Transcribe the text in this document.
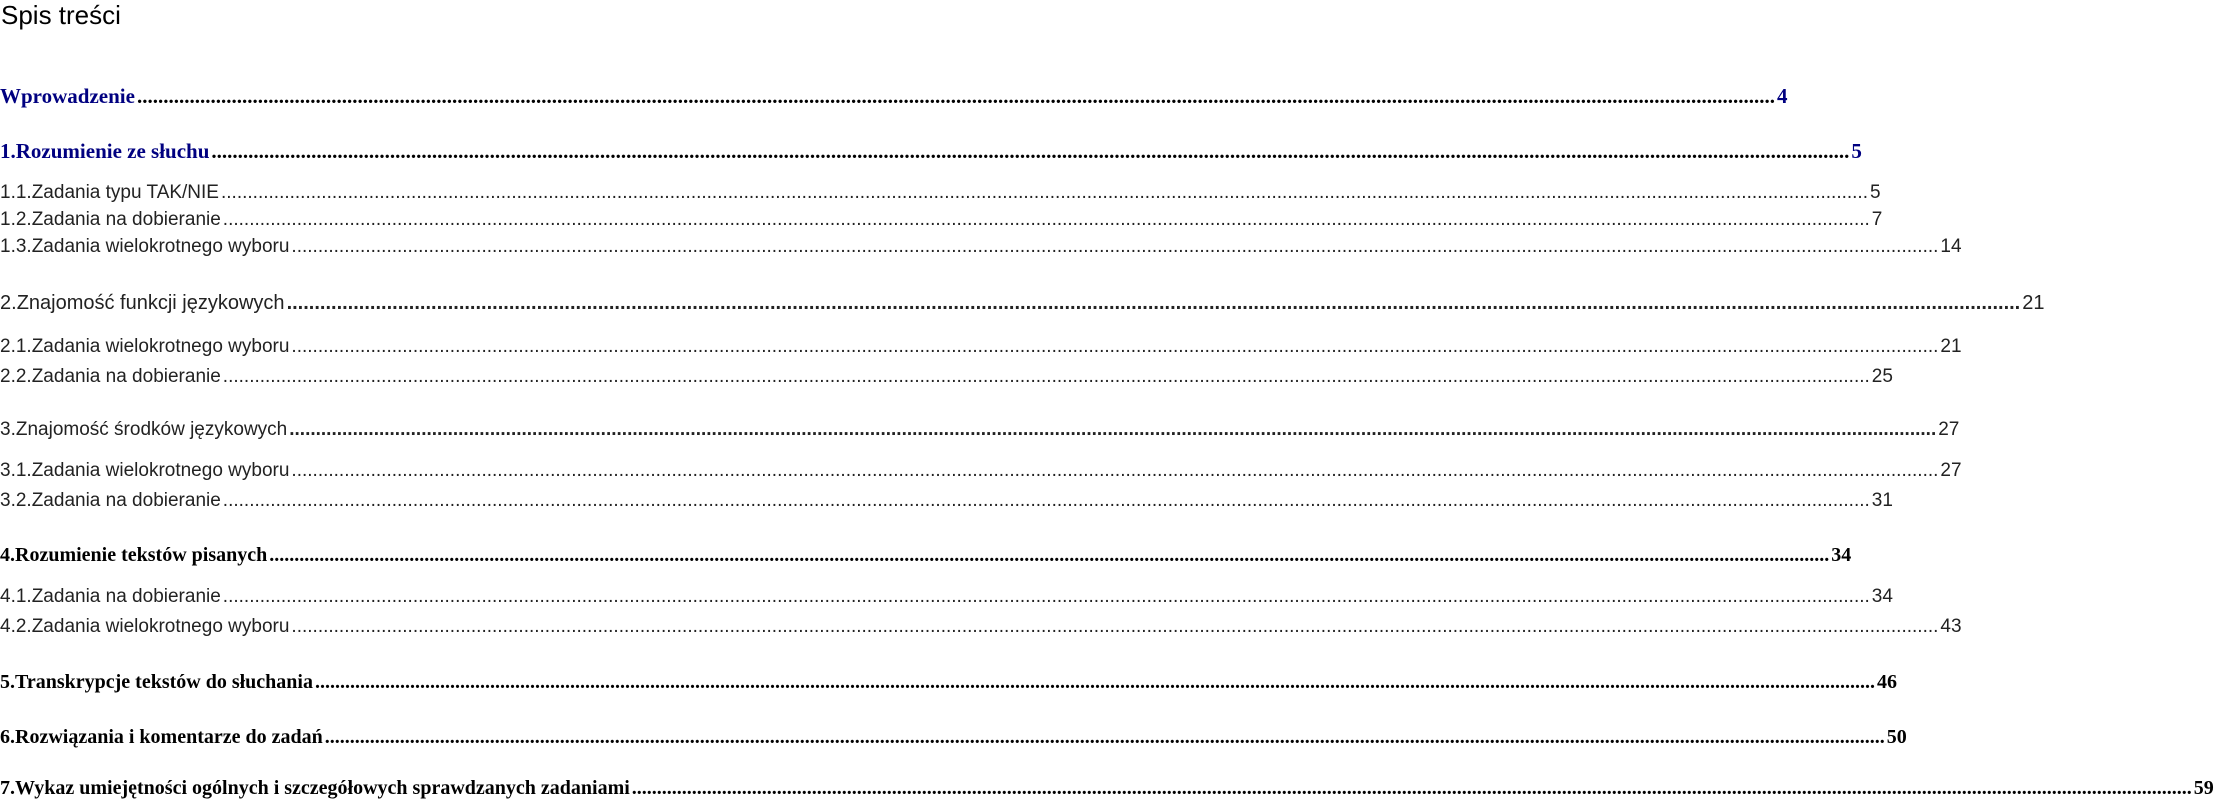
Spis treści
Wprowadzenie ........................................................................................................................................................................................................................................................................................................................ 4
1. Rozumienie ze słuchu ........................................................................................................................................................................................................................................................................................................................ 5
1.1. Zadania typu TAK/NIE ........................................................................................................................................................................................................................................................................................................................ 5
1.2. Zadania na dobieranie ........................................................................................................................................................................................................................................................................................................................ 7
1.3. Zadania wielokrotnego wyboru ........................................................................................................................................................................................................................................................................................................................ 14
2. Znajomość funkcji językowych ........................................................................................................................................................................................................................................................................................................................ 21
2.1. Zadania wielokrotnego wyboru ........................................................................................................................................................................................................................................................................................................................ 21
2.2. Zadania na dobieranie ........................................................................................................................................................................................................................................................................................................................ 25
3. Znajomość środków językowych ........................................................................................................................................................................................................................................................................................................................ 27
3.1. Zadania wielokrotnego wyboru ........................................................................................................................................................................................................................................................................................................................ 27
3.2. Zadania na dobieranie ........................................................................................................................................................................................................................................................................................................................ 31
4. Rozumienie tekstów pisanych ........................................................................................................................................................................................................................................................................................................................ 34
4.1. Zadania na dobieranie ........................................................................................................................................................................................................................................................................................................................ 34
4.2. Zadania wielokrotnego wyboru ........................................................................................................................................................................................................................................................................................................................ 43
5. Transkrypcje tekstów do słuchania ........................................................................................................................................................................................................................................................................................................................ 46
6. Rozwiązania i komentarze do zadań ........................................................................................................................................................................................................................................................................................................................ 50
7. Wykaz umiejętności ogólnych i szczegółowych sprawdzanych zadaniami ........................................................................................................................................................................................................................................................................................................................ 59
